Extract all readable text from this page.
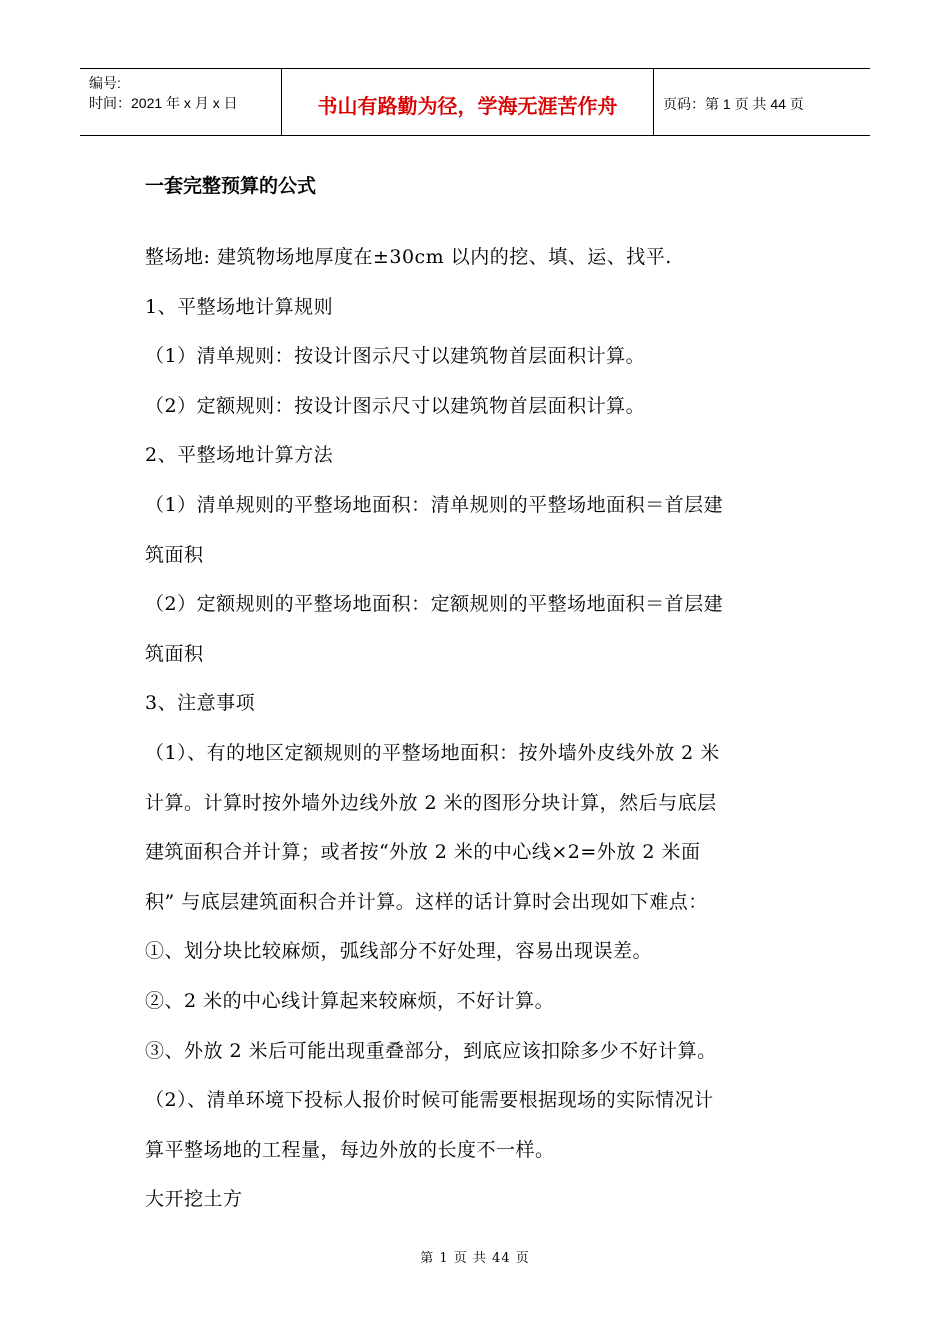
编号:
时间：2021 年 x 月 x 日	书山有路勤为径，学海无涯苦作舟	页码：第 1 页 共 44 页
一套完整预算的公式

整场地: 建筑物场地厚度在±30cm 以内的挖、填、运、找平.

1、平整场地计算规则

（1）清单规则：按设计图示尺寸以建筑物首层面积计算。

（2）定额规则：按设计图示尺寸以建筑物首层面积计算。

2、平整场地计算方法

（1）清单规则的平整场地面积：清单规则的平整场地面积＝首层建

筑面积

（2）定额规则的平整场地面积：定额规则的平整场地面积＝首层建

筑面积

3、注意事项

（1）、有的地区定额规则的平整场地面积：按外墙外皮线外放 2 米

计算。计算时按外墙外边线外放 2 米的图形分块计算，然后与底层

建筑面积合并计算；或者按“外放 2 米的中心线×2=外放 2 米面

积” 与底层建筑面积合并计算。这样的话计算时会出现如下难点：

①、划分块比较麻烦，弧线部分不好处理，容易出现误差。

②、2 米的中心线计算起来较麻烦，不好计算。

③、外放 2 米后可能出现重叠部分，到底应该扣除多少不好计算。

（2）、清单环境下投标人报价时候可能需要根据现场的实际情况计

算平整场地的工程量，每边外放的长度不一样。

大开挖土方

第 1 页 共 44 页
